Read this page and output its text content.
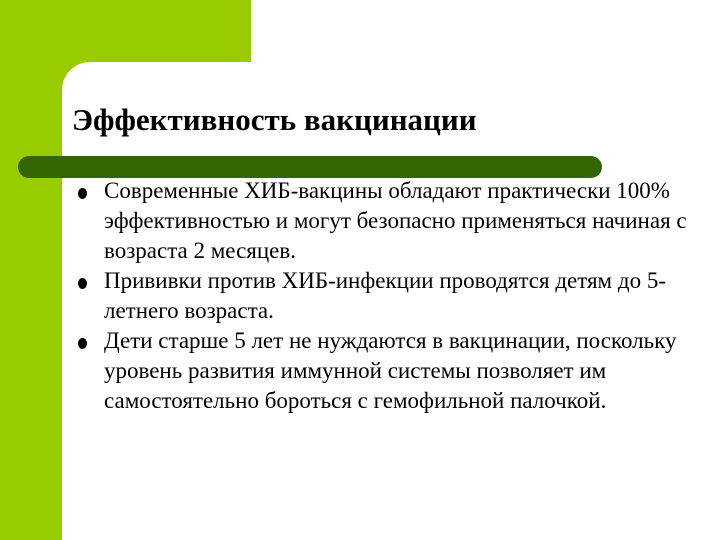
Эффективность вакцинации
Современные ХИБ-вакцины обладают практически 100% эффективностью и могут безопасно применяться начиная с возраста 2 месяцев.
Прививки против ХИБ-инфекции проводятся детям до 5-летнего возраста.
Дети старше 5 лет не нуждаются в вакцинации, поскольку уровень развития иммунной системы позволяет им самостоятельно бороться с гемофильной палочкой.
